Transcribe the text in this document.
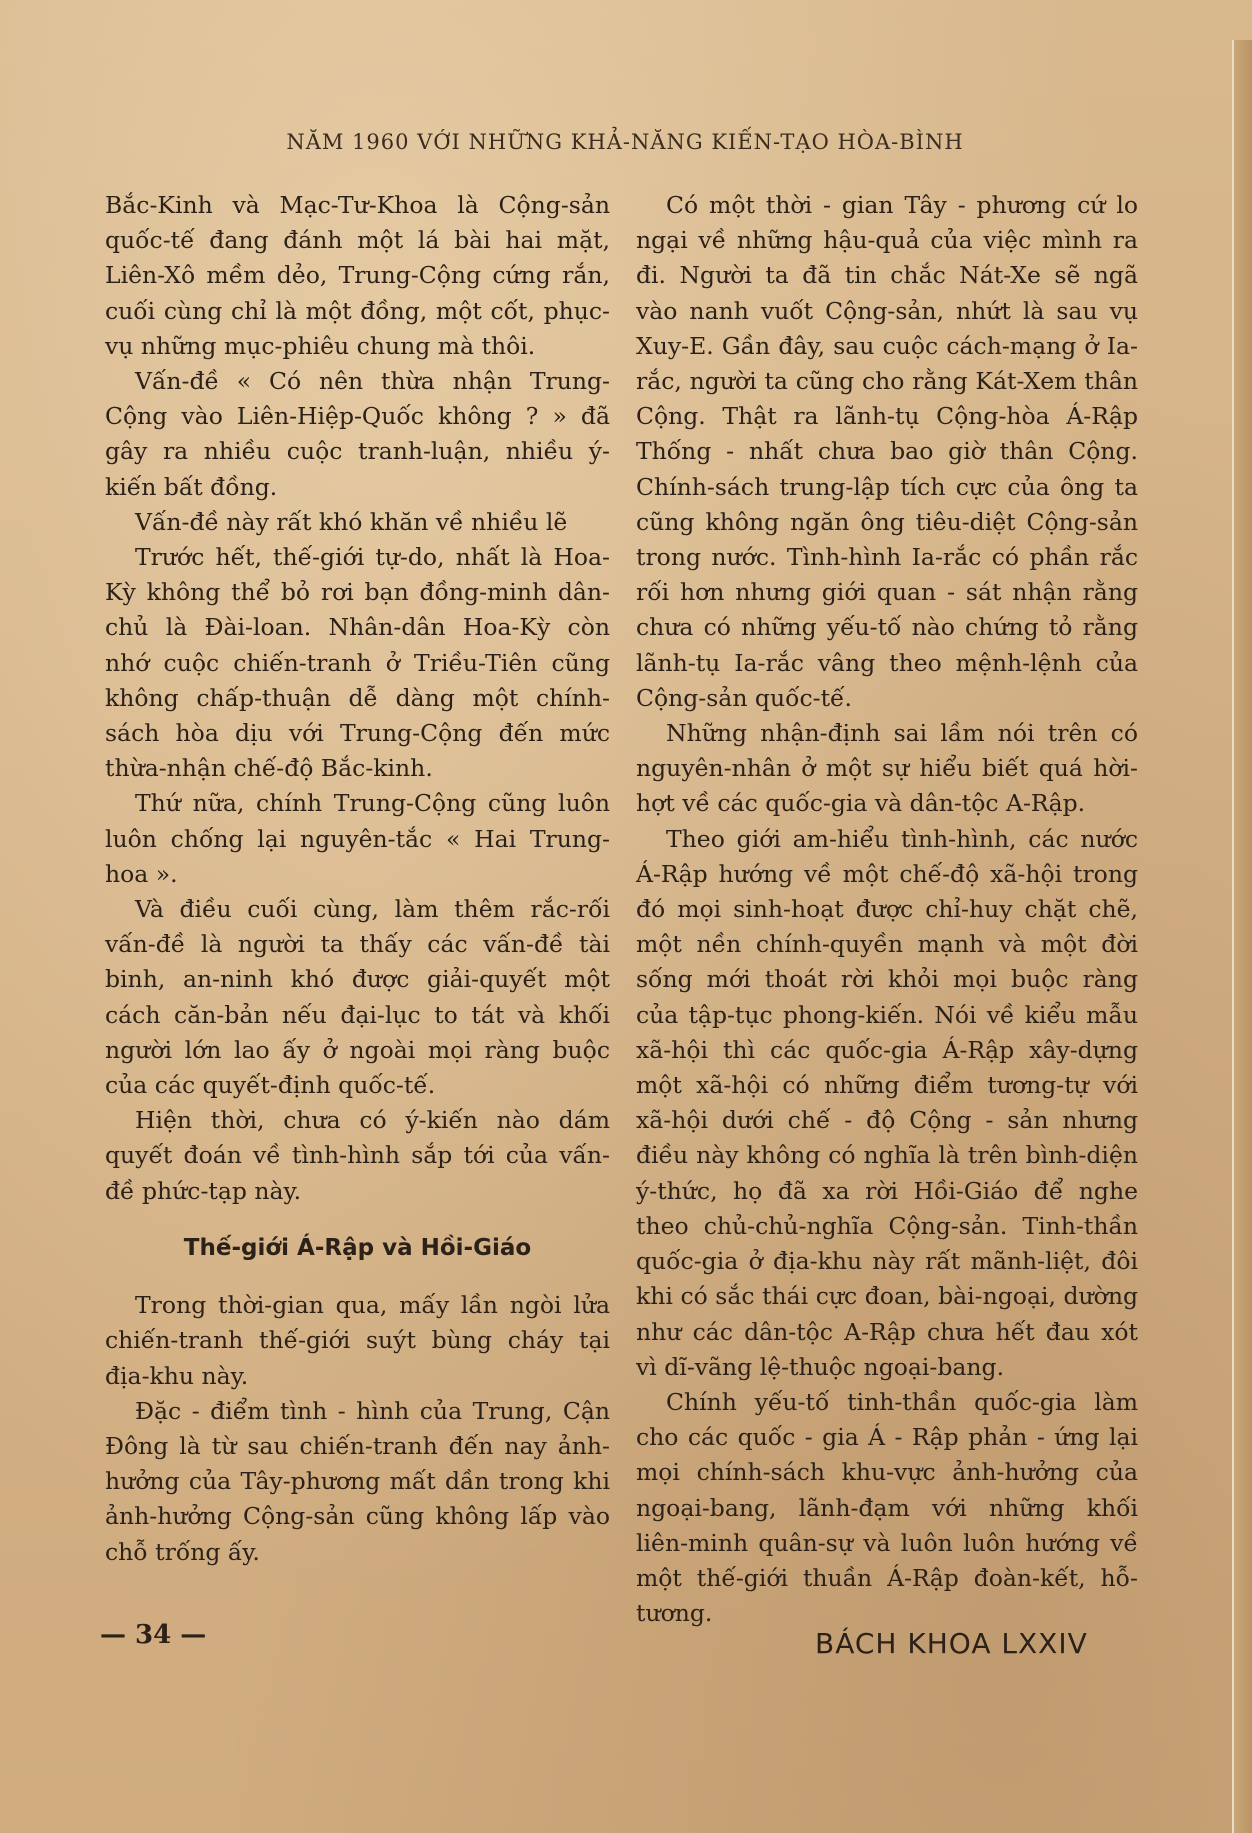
NĂM 1960 VỚI NHỮNG KHẢ-NĂNG KIẾN-TẠO HÒA-BÌNH

Bắc-Kinh và Mạc-Tư-Khoa là Cộng-sản quốc-tế đang đánh một lá bài hai mặt, Liên-Xô mềm dẻo, Trung-Cộng cứng rắn, cuối cùng chỉ là một đồng, một cốt, phục-vụ những mục-phiêu chung mà thôi.

Vấn-đề « Có nên thừa nhận Trung-Cộng vào Liên-Hiệp-Quốc không ? » đã gây ra nhiều cuộc tranh-luận, nhiều ý-kiến bất đồng.

Vấn-đề này rất khó khăn về nhiều lẽ

Trước hết, thế-giới tự-do, nhất là Hoa-Kỳ không thể bỏ rơi bạn đồng-minh dân-chủ là Đài-loan. Nhân-dân Hoa-Kỳ còn nhớ cuộc chiến-tranh ở Triều-Tiên cũng không chấp-thuận dễ dàng một chính-sách hòa dịu với Trung-Cộng đến mức thừa-nhận chế-độ Bắc-kinh.

Thứ nữa, chính Trung-Cộng cũng luôn luôn chống lại nguyên-tắc « Hai Trung-hoa ».

Và điều cuối cùng, làm thêm rắc-rối vấn-đề là người ta thấy các vấn-đề tài binh, an-ninh khó được giải-quyết một cách căn-bản nếu đại-lục to tát và khối người lớn lao ấy ở ngoài mọi ràng buộc của các quyết-định quốc-tế.

Hiện thời, chưa có ý-kiến nào dám quyết đoán về tình-hình sắp tới của vấn-đề phức-tạp này.

Thế-giới Á-Rập và Hồi-Giáo

Trong thời-gian qua, mấy lần ngòi lửa chiến-tranh thế-giới suýt bùng cháy tại địa-khu này.

Đặc - điểm tình - hình của Trung, Cận Đông là từ sau chiến-tranh đến nay ảnh-hưởng của Tây-phương mất dần trong khi ảnh-hưởng Cộng-sản cũng không lấp vào chỗ trống ấy.

Có một thời - gian Tây - phương cứ lo ngại về những hậu-quả của việc mình ra đi. Người ta đã tin chắc Nát-Xe sẽ ngã vào nanh vuốt Cộng-sản, nhứt là sau vụ Xuy-E. Gần đây, sau cuộc cách-mạng ở Ia-rắc, người ta cũng cho rằng Kát-Xem thân Cộng. Thật ra lãnh-tụ Cộng-hòa Á-Rập Thống - nhất chưa bao giờ thân Cộng. Chính-sách trung-lập tích cực của ông ta cũng không ngăn ông tiêu-diệt Cộng-sản trong nước. Tình-hình Ia-rắc có phần rắc rối hơn nhưng giới quan - sát nhận rằng chưa có những yếu-tố nào chứng tỏ rằng lãnh-tụ Ia-rắc vâng theo mệnh-lệnh của Cộng-sản quốc-tế.

Những nhận-định sai lầm nói trên có nguyên-nhân ở một sự hiểu biết quá hời-hợt về các quốc-gia và dân-tộc A-Rập.

Theo giới am-hiểu tình-hình, các nước Á-Rập hướng về một chế-độ xã-hội trong đó mọi sinh-hoạt được chỉ-huy chặt chẽ, một nền chính-quyền mạnh và một đời sống mới thoát rời khỏi mọi buộc ràng của tập-tục phong-kiến. Nói về kiểu mẫu xã-hội thì các quốc-gia Á-Rập xây-dựng một xã-hội có những điểm tương-tự với xã-hội dưới chế - độ Cộng - sản nhưng điều này không có nghĩa là trên bình-diện ý-thức, họ đã xa rời Hồi-Giáo để nghe theo chủ-chủ-nghĩa Cộng-sản. Tinh-thần quốc-gia ở địa-khu này rất mãnh-liệt, đôi khi có sắc thái cực đoan, bài-ngoại, dường như các dân-tộc A-Rập chưa hết đau xót vì dĩ-vãng lệ-thuộc ngoại-bang.

Chính yếu-tố tinh-thần quốc-gia làm cho các quốc - gia Á - Rập phản - ứng lại mọi chính-sách khu-vực ảnh-hưởng của ngoại-bang, lãnh-đạm với những khối liên-minh quân-sự và luôn luôn hướng về một thế-giới thuần Á-Rập đoàn-kết, hỗ-tương.

— 34 —	BÁCH KHOA LXXIV
